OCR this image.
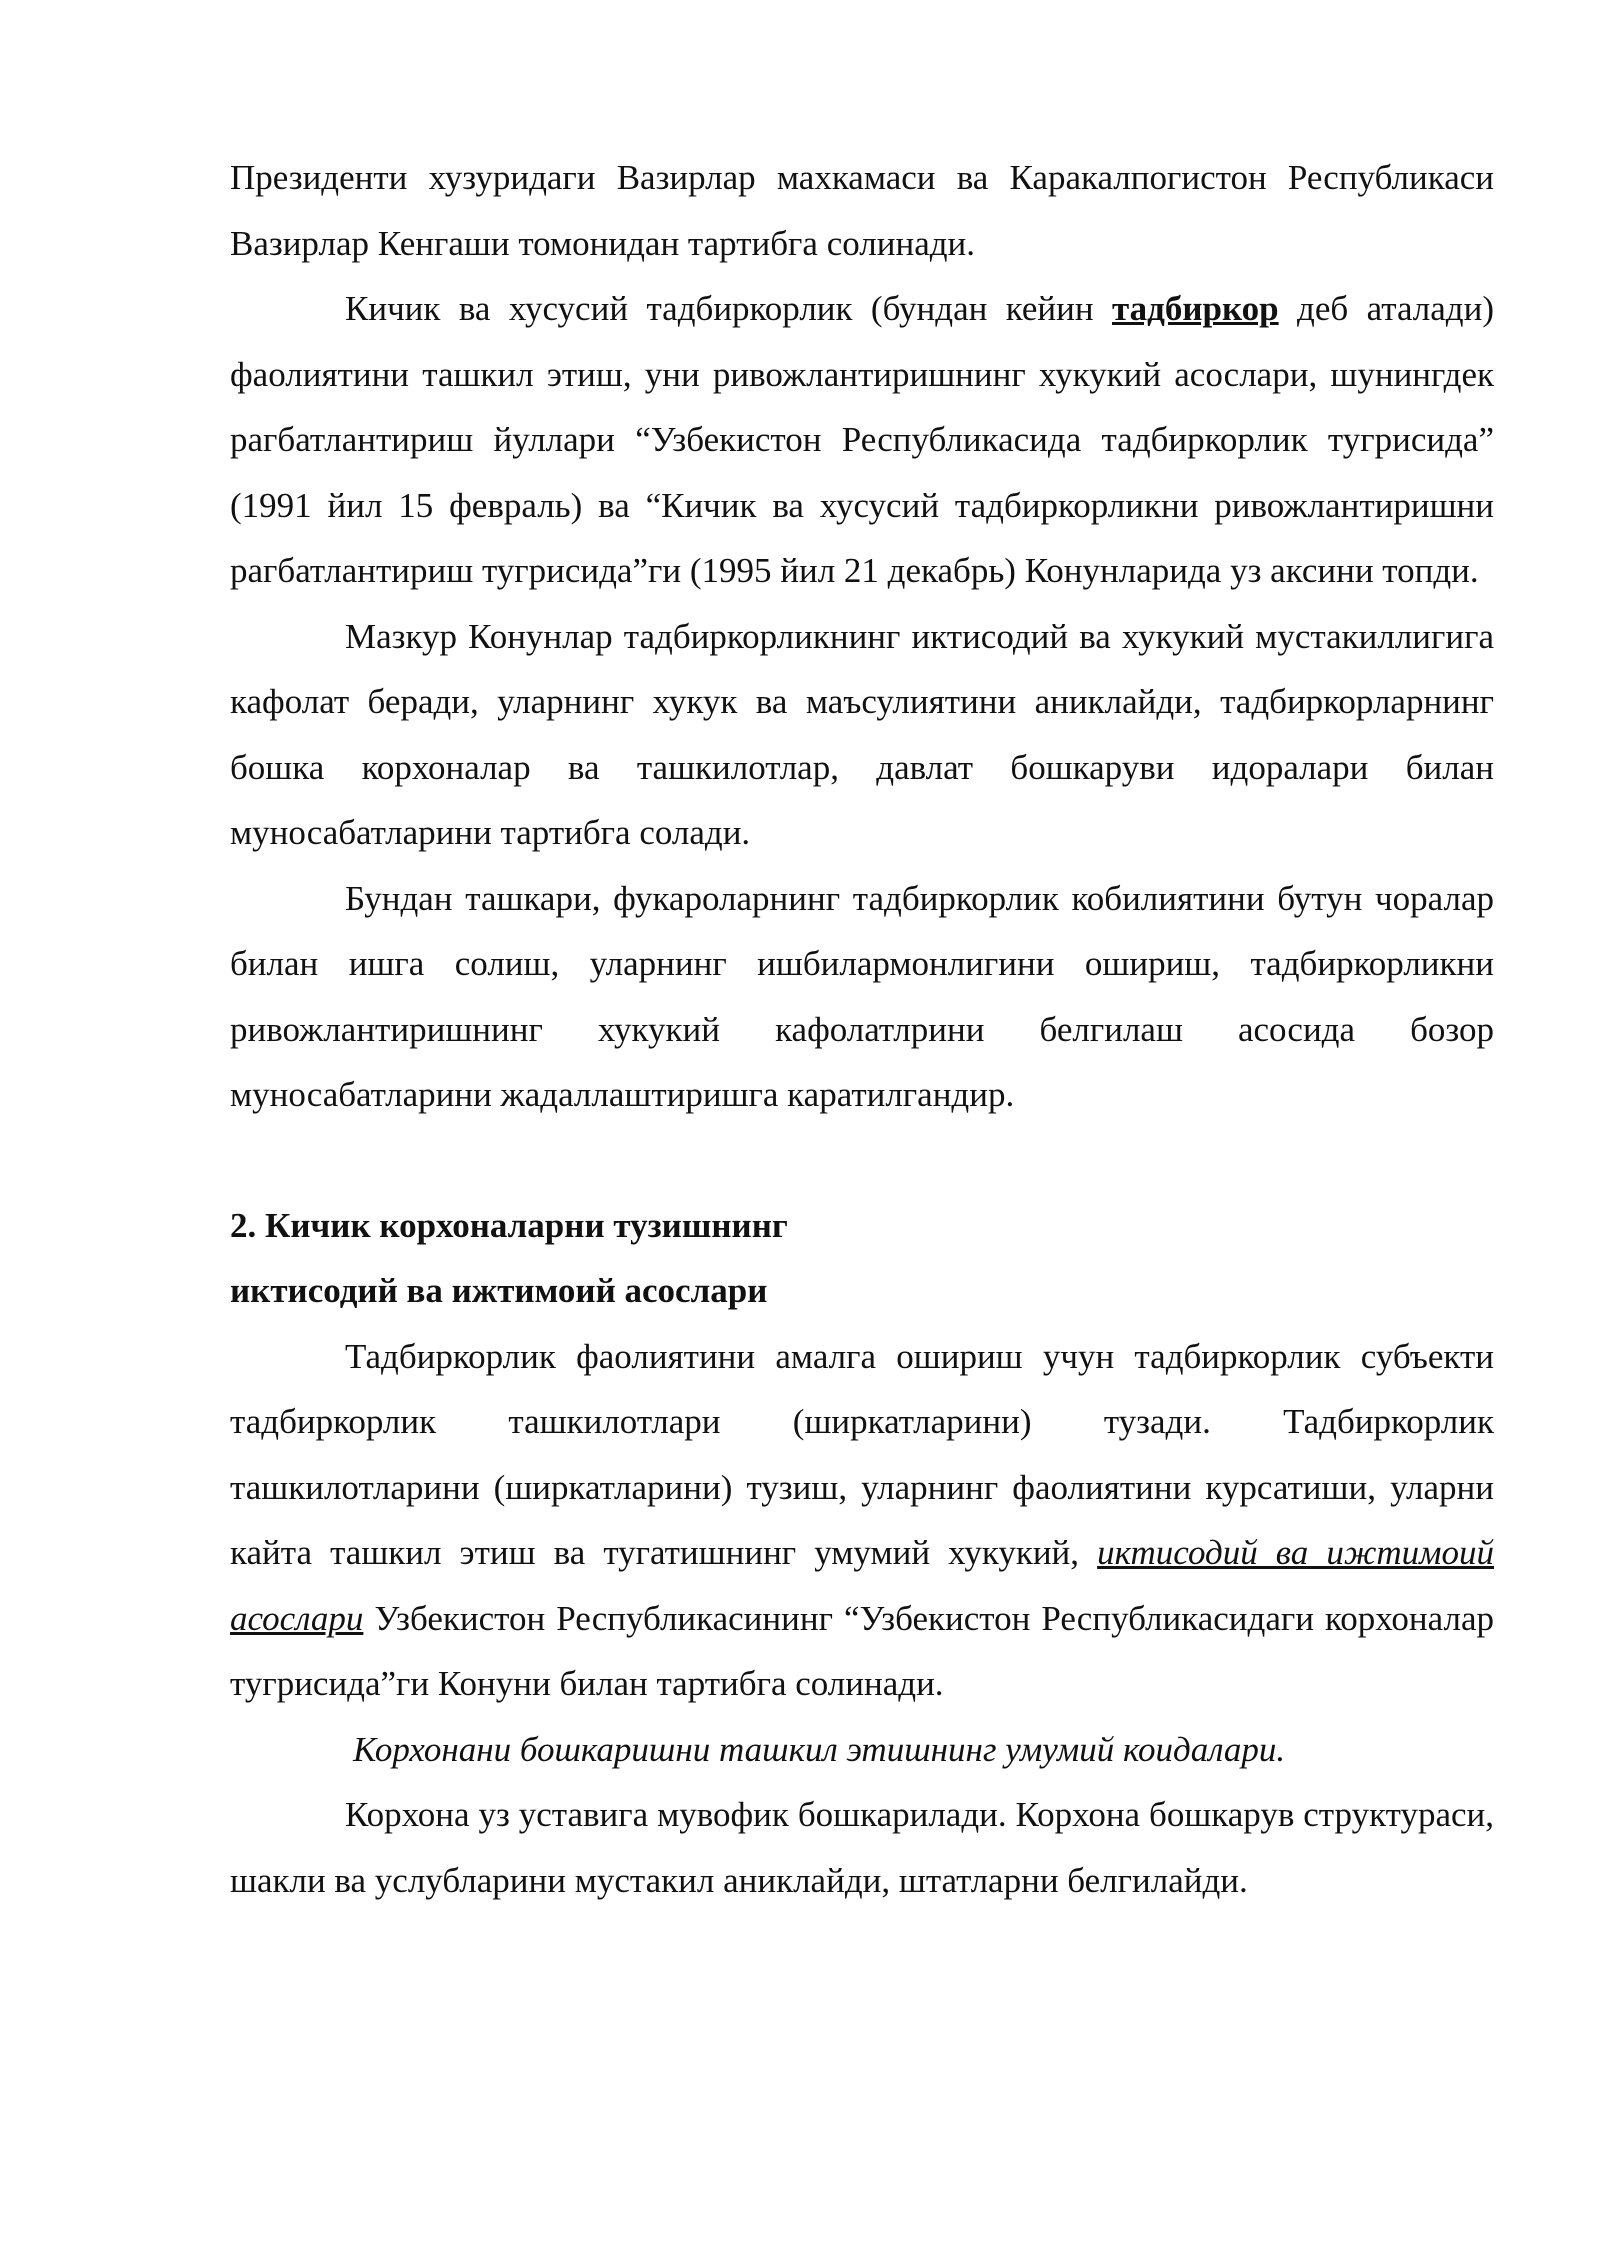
Президенти хузуридаги Вазирлар махкамаси ва Каракалпогистон Республикаси Вазирлар Кенгаши томонидан тартибга солинади.

Кичик ва хусусий тадбиркорлик (бундан кейин тадбиркор деб аталади) фаолиятини ташкил этиш, уни ривожлантиришнинг хукукий асослари, шунингдек рагбатлантириш йуллари “Узбекистон Республикасида тадбиркорлик тугрисида” (1991 йил 15 февраль) ва “Кичик ва хусусий тадбиркорликни ривожлантиришни рагбатлантириш тугрисида”ги (1995 йил 21 декабрь) Конунларида уз аксини топди.

Мазкур Конунлар тадбиркорликнинг иктисодий ва хукукий мустакиллигига кафолат беради, уларнинг хукук ва маъсулиятини аниклайди, тадбиркорларнинг бошка корхоналар ва ташкилотлар, давлат бошкаруви идоралари билан муносабатларини тартибга солади.

Бундан ташкари, фукароларнинг тадбиркорлик кобилиятини бутун чоралар билан ишга солиш, уларнинг ишбилармонлигини ошириш, тадбиркорликни ривожлантиришнинг хукукий кафолатлрини белгилаш асосида бозор муносабатларини жадаллаштиришга каратилгандир.

2. Кичик корхоналарни тузишнинг

иктисодий ва ижтимоий асослари

Тадбиркорлик фаолиятини амалга ошириш учун тадбиркорлик субъекти тадбиркорлик ташкилотлари (ширкатларини) тузади. Тадбиркорлик ташкилотларини (ширкатларини) тузиш, уларнинг фаолиятини курсатиши, уларни кайта ташкил этиш ва тугатишнинг умумий хукукий, иктисодий ва ижтимоий асослари Узбекистон Республикасининг “Узбекистон Республикасидаги корхоналар тугрисида”ги Конуни билан тартибга солинади.

Корхонани бошкаришни ташкил этишнинг умумий коидалари.

Корхона уз уставига мувофик бошкарилади. Корхона бошкарув структураси, шакли ва услубларини мустакил аниклайди, штатларни белгилайди.
